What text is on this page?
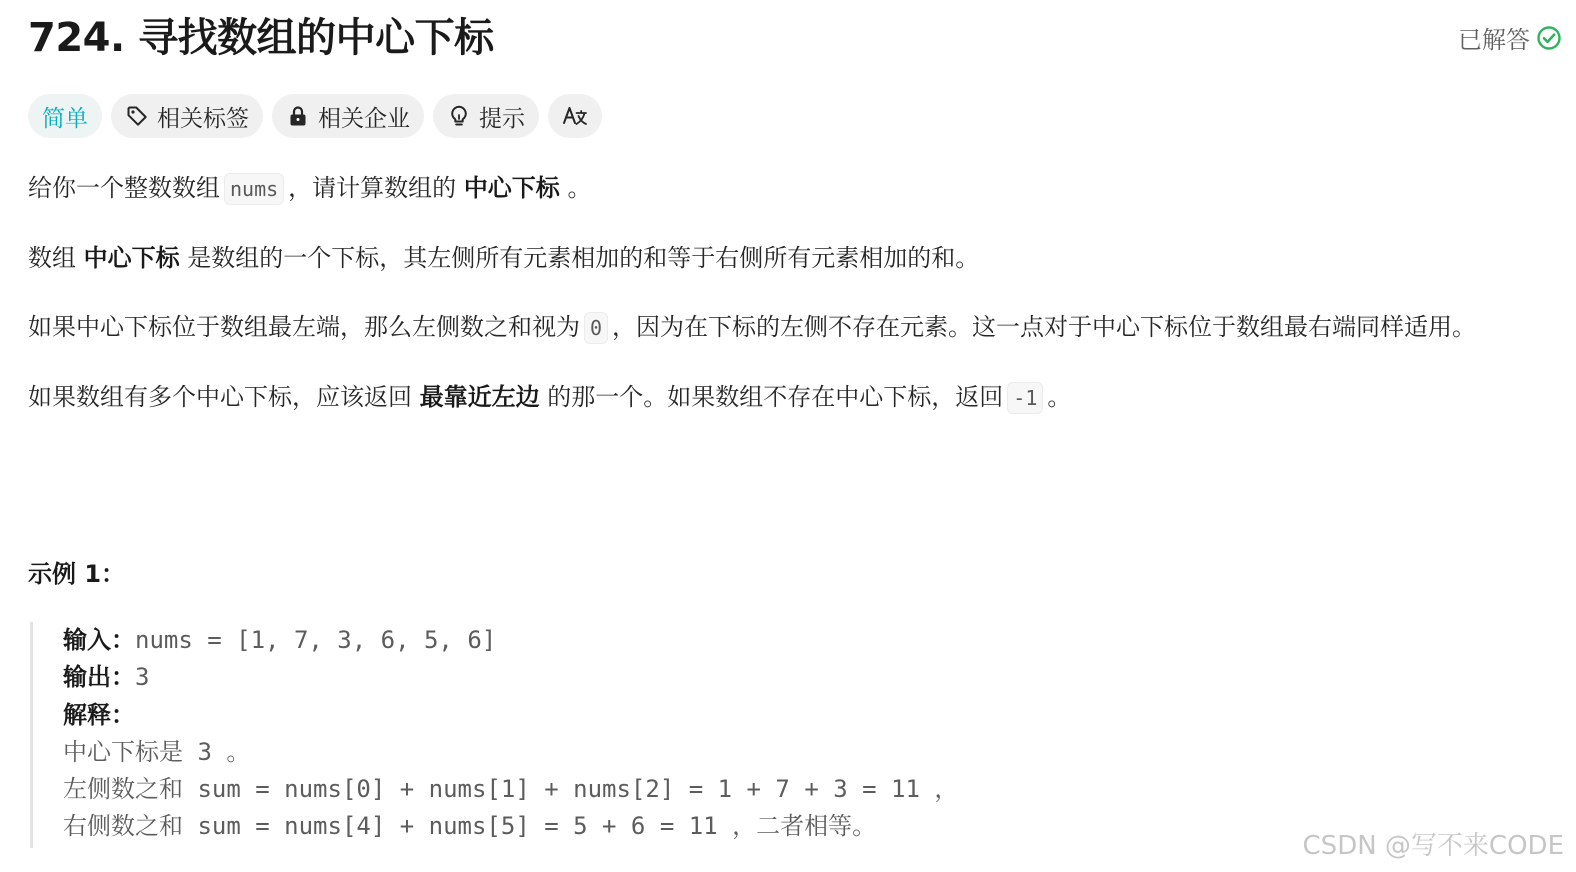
724. 寻找数组的中心下标	已解答
简单	相关标签	相关企业	提示

给你一个整数数组 nums ，请计算数组的 中心下标 。

数组 中心下标 是数组的一个下标，其左侧所有元素相加的和等于右侧所有元素相加的和。

如果中心下标位于数组最左端，那么左侧数之和视为 0 ，因为在下标的左侧不存在元素。这一点对于中心下标位于数组最右端同样适用。

如果数组有多个中心下标，应该返回 最靠近左边 的那一个。如果数组不存在中心下标，返回 -1 。

示例 1：
输入：nums = [1, 7, 3, 6, 5, 6]
输出：3
解释：
中心下标是 3 。
左侧数之和 sum = nums[0] + nums[1] + nums[2] = 1 + 7 + 3 = 11 ，
右侧数之和 sum = nums[4] + nums[5] = 5 + 6 = 11 ，二者相等。
CSDN @写不来CODE
